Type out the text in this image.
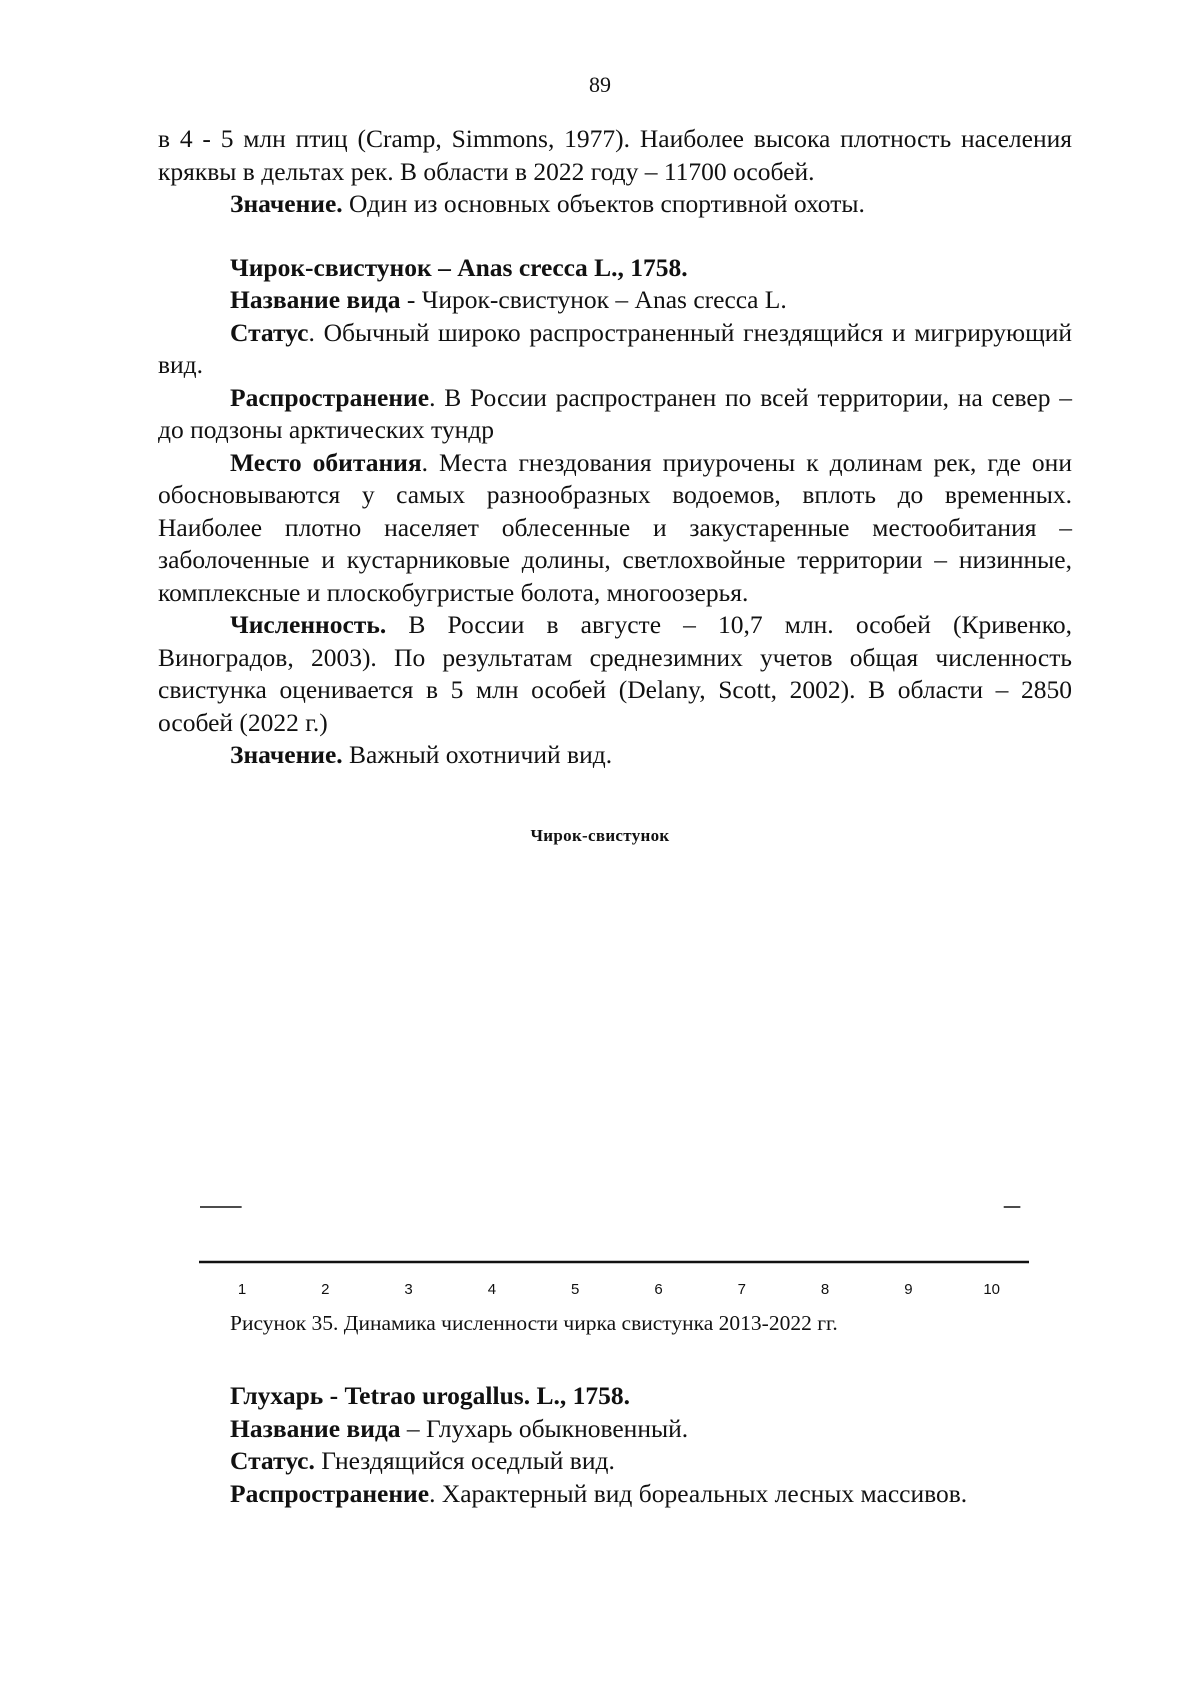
89

в 4 - 5 млн птиц (Cramp, Simmons, 1977). Наиболее высока плотность населения кряквы в дельтах рек. В области в 2022 году – 11700 особей.

Значение. Один из основных объектов спортивной охоты.

Чирок-свистунок – Anas crecca L., 1758.

Название вида - Чирок-свистунок – Anas crecca L.

Статус. Обычный широко распространенный гнездящийся и мигрирующий вид.

Распространение. В России распространен по всей территории, на север – до подзоны арктических тундр

Место обитания. Места гнездования приурочены к долинам рек, где они обосновываются у самых разнообразных водоемов, вплоть до временных. Наиболее плотно населяет облесенные и закустаренные местообитания – заболоченные и кустарниковые долины, светлохвойные территории – низинные, комплексные и плоскобугристые болота, многоозерья.

Численность. В России в августе – 10,7 млн. особей (Кривенко, Виноградов, 2003). По результатам среднезимних учетов общая численность свистунка оценивается в 5 млн особей (Delany, Scott, 2002). В области – 2850 особей (2022 г.)

Значение. Важный охотничий вид.

Чирок-свистунок
1	2	3	4	5	6	7	8	9	10
Рисунок 35. Динамика численности чирка свистунка 2013-2022 гг.

Глухарь - Tetrao urogallus. L., 1758.

Название вида – Глухарь обыкновенный.

Статус. Гнездящийся оседлый вид.

Распространение. Характерный вид бореальных лесных массивов.
